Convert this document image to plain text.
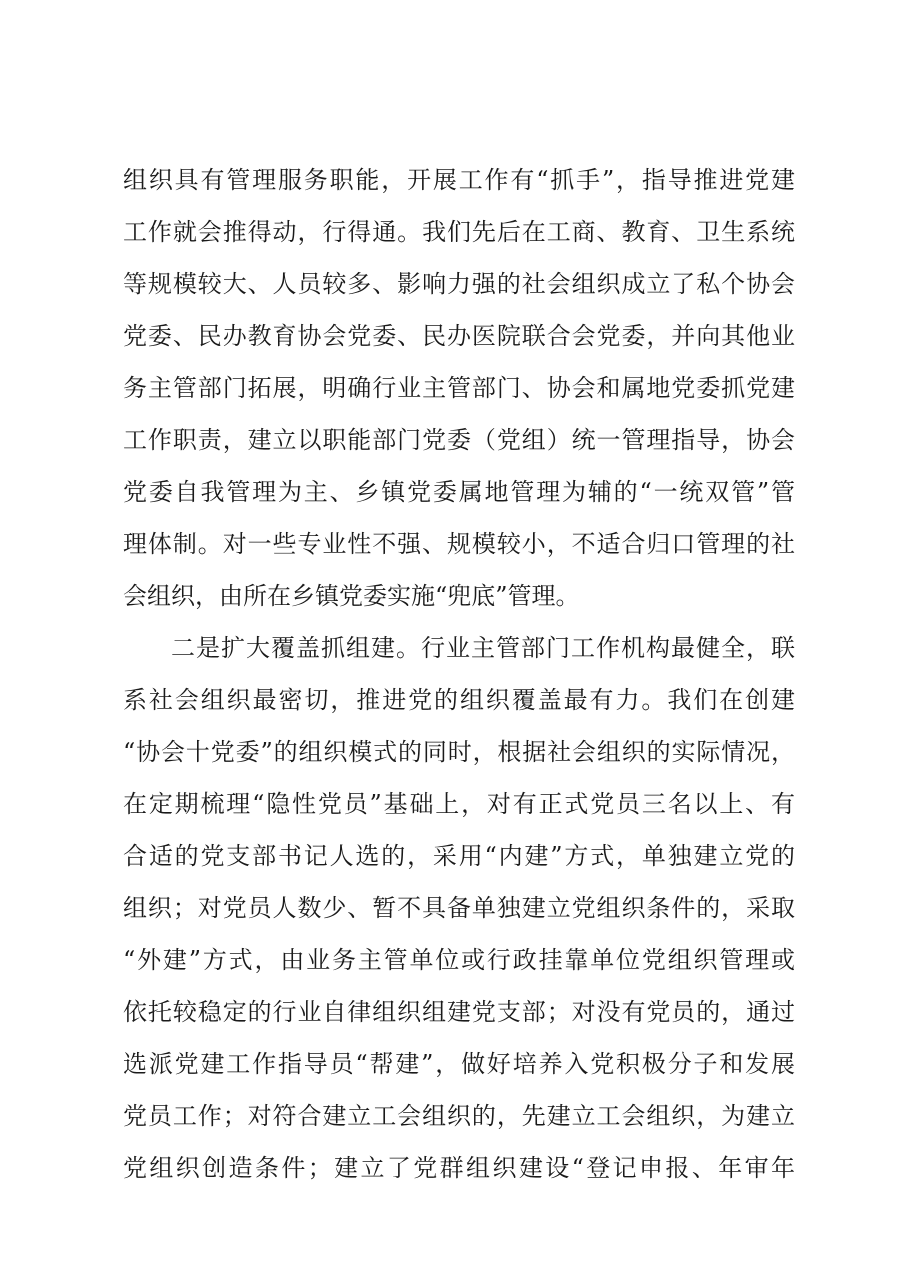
组织具有管理服务职能，开展工作有“抓手”，指导推进党建
工作就会推得动，行得通。我们先后在工商、教育、卫生系统
等规模较大、人员较多、影响力强的社会组织成立了私个协会
党委、民办教育协会党委、民办医院联合会党委，并向其他业
务主管部门拓展，明确行业主管部门、协会和属地党委抓党建
工作职责，建立以职能部门党委（党组）统一管理指导，协会
党委自我管理为主、乡镇党委属地管理为辅的“一统双管”管
理体制。对一些专业性不强、规模较小，不适合归口管理的社
会组织，由所在乡镇党委实施“兜底”管理。
二是扩大覆盖抓组建。行业主管部门工作机构最健全，联
系社会组织最密切，推进党的组织覆盖最有力。我们在创建
“协会十党委”的组织模式的同时，根据社会组织的实际情况，
在定期梳理“隐性党员”基础上，对有正式党员三名以上、有
合适的党支部书记人选的，采用“内建”方式，单独建立党的
组织；对党员人数少、暂不具备单独建立党组织条件的，采取
“外建”方式，由业务主管单位或行政挂靠单位党组织管理或
依托较稳定的行业自律组织组建党支部；对没有党员的，通过
选派党建工作指导员“帮建”，做好培养入党积极分子和发展
党员工作；对符合建立工会组织的，先建立工会组织，为建立
党组织创造条件；建立了党群组织建设“登记申报、年审年
